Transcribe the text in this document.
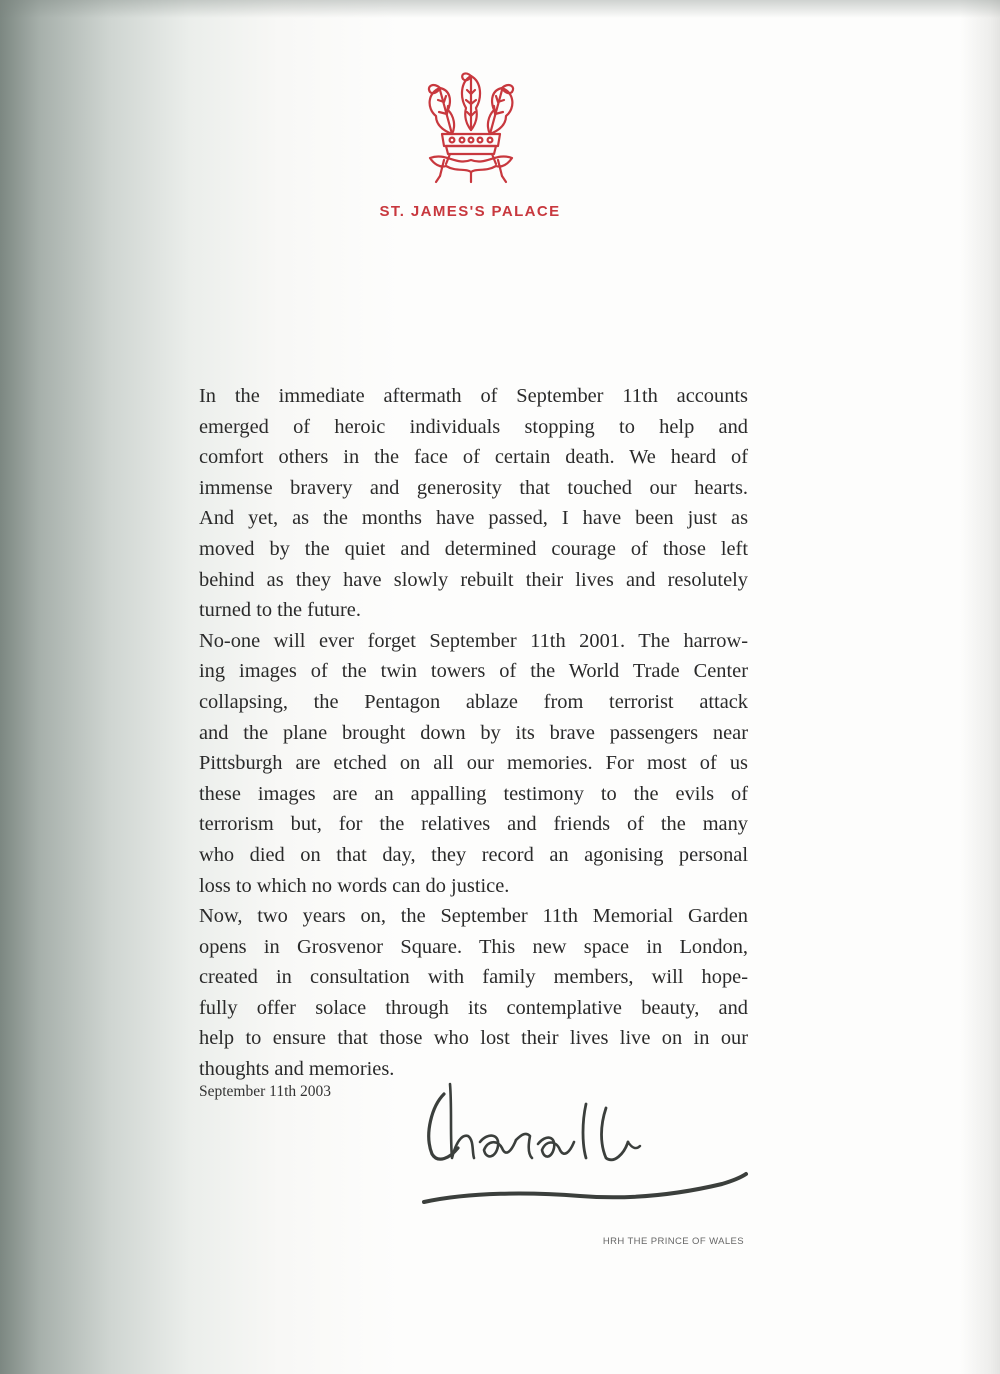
ST. JAMES'S PALACE
In the immediate aftermath of September 11th accounts
emerged of heroic individuals stopping to help and
comfort others in the face of certain death. We heard of
immense bravery and generosity that touched our hearts.
And yet, as the months have passed, I have been just as
moved by the quiet and determined courage of those left
behind as they have slowly rebuilt their lives and resolutely
turned to the future.
No-one will ever forget September 11th 2001. The harrow-
ing images of the twin towers of the World Trade Center
collapsing, the Pentagon ablaze from terrorist attack
and the plane brought down by its brave passengers near
Pittsburgh are etched on all our memories. For most of us
these images are an appalling testimony to the evils of
terrorism but, for the relatives and friends of the many
who died on that day, they record an agonising personal
loss to which no words can do justice.
Now, two years on, the September 11th Memorial Garden
opens in Grosvenor Square. This new space in London,
created in consultation with family members, will hope-
fully offer solace through its contemplative beauty, and
help to ensure that those who lost their lives live on in our
thoughts and memories.
September 11th 2003
HRH THE PRINCE OF WALES
